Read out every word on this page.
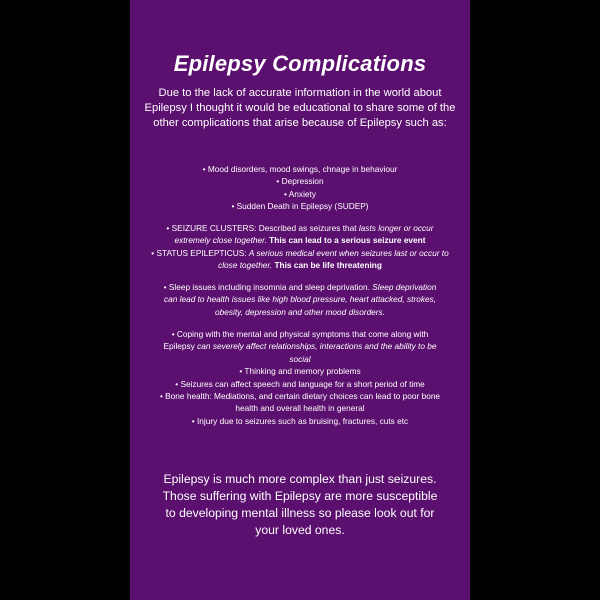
Epilepsy Complications
Due to the lack of accurate information in the world about
Epilepsy I thought it would be educational to share some of the
other complications that arise because of Epilepsy such as:
• Mood disorders, mood swings, chnage in behaviour
• Depression
• Anxiety
• Sudden Death in Epilepsy (SUDEP)
• SEIZURE CLUSTERS: Described as seizures that lasts longer or occur
extremely close together. This can lead to a serious seizure event
• STATUS EPILEPTICUS: A serious medical event when seizures last or occur to
close together. This can be life threatening
• Sleep issues including insomnia and sleep deprivation. Sleep deprivation
can lead to health issues like high blood pressure, heart attacked, strokes,
obesity, depression and other mood disorders.
• Coping with the mental and physical symptoms that come along with
Epilepsy can severely affect relationships, interactions and the ability to be
social
• Thinking and memory problems
• Seizures can affect speech and language for a short period of time
• Bone health: Mediations, and certain dietary choices can lead to poor bone
health and overall health in general
• Injury due to seizures such as bruising, fractures, cuts etc
Epilepsy is much more complex than just seizures.
Those suffering with Epilepsy are more susceptible
to developing mental illness so please look out for
your loved ones.
